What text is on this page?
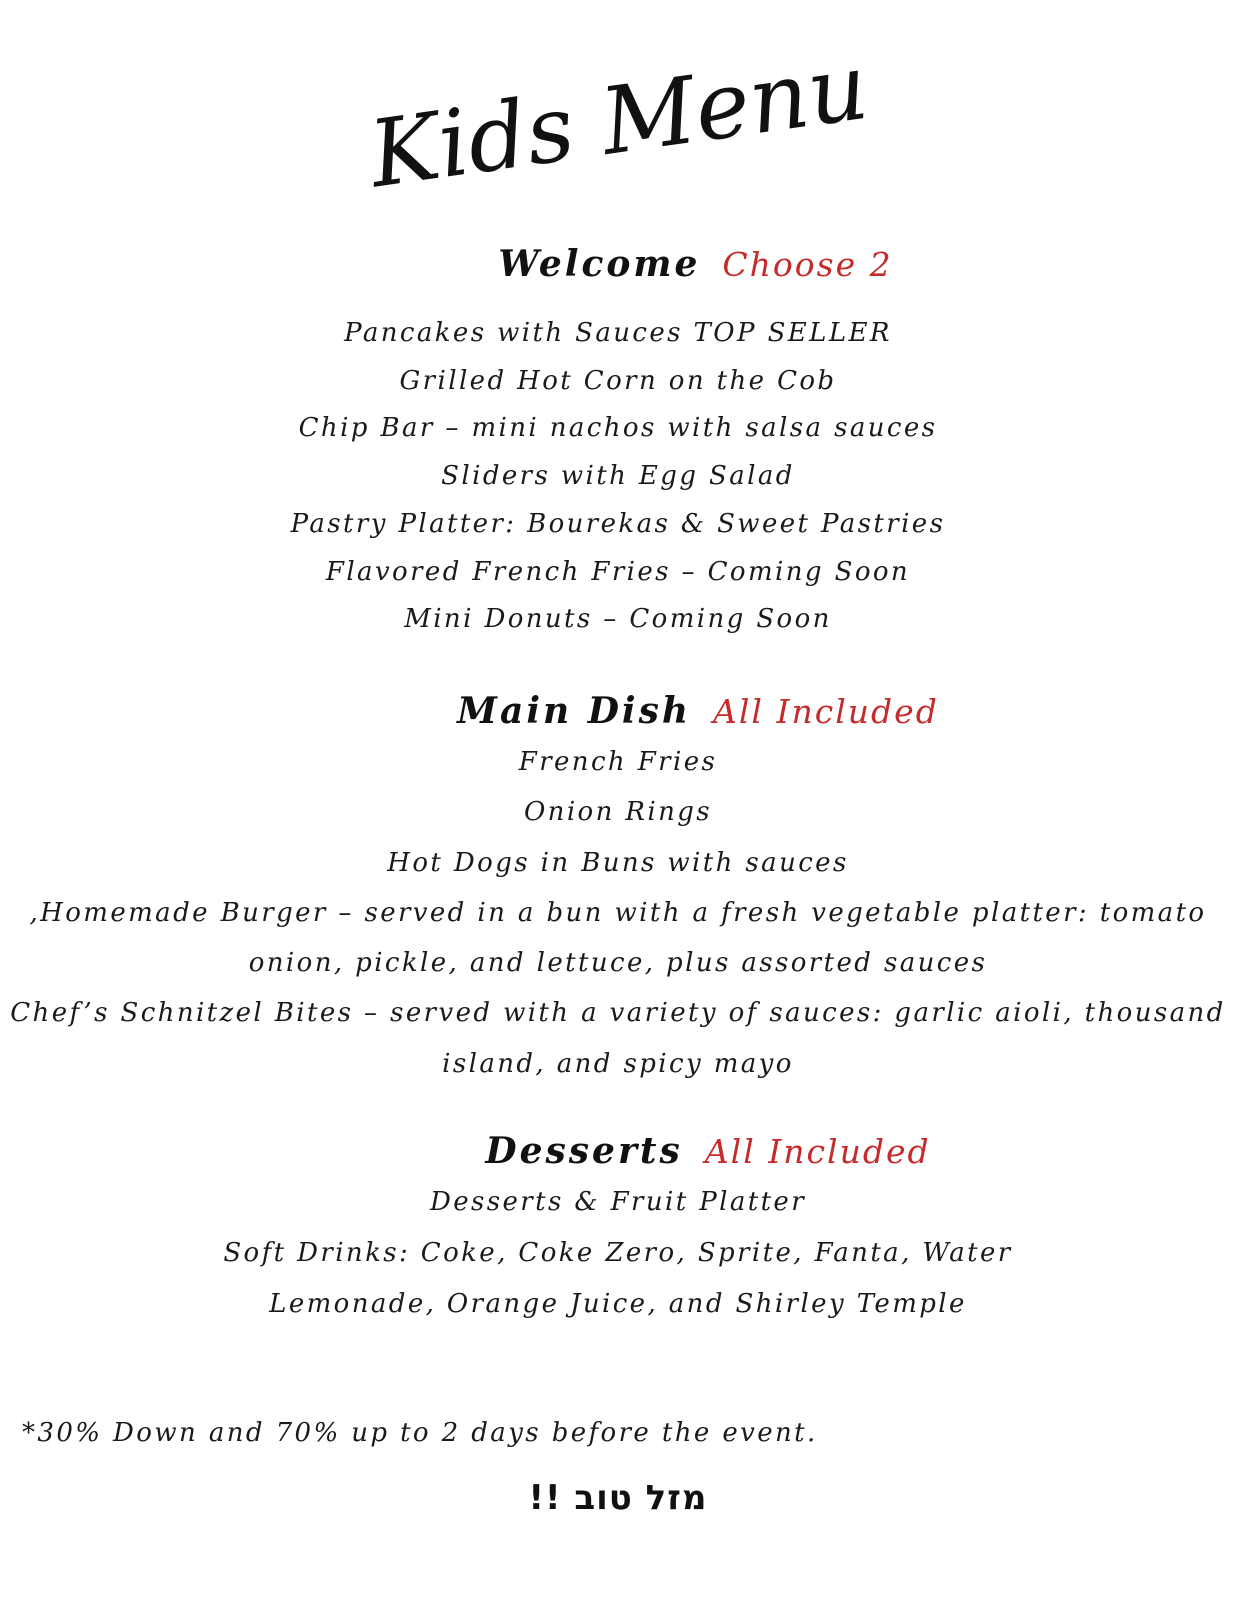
Kids Menu
Welcome Choose 2
Pancakes with Sauces TOP SELLER
Grilled Hot Corn on the Cob
Chip Bar – mini nachos with salsa sauces
Sliders with Egg Salad
Pastry Platter: Bourekas & Sweet Pastries
Flavored French Fries – Coming Soon
Mini Donuts – Coming Soon
Main Dish All Included
French Fries
Onion Rings
Hot Dogs in Buns with sauces
,Homemade Burger – served in a bun with a fresh vegetable platter: tomato
onion, pickle, and lettuce, plus assorted sauces
Chef’s Schnitzel Bites – served with a variety of sauces: garlic aioli, thousand
island, and spicy mayo
Desserts All Included
Desserts & Fruit Platter
Soft Drinks: Coke, Coke Zero, Sprite, Fanta, Water
Lemonade, Orange Juice, and Shirley Temple
*30% Down and 70% up to 2 days before the event.
מזל טוב !!
